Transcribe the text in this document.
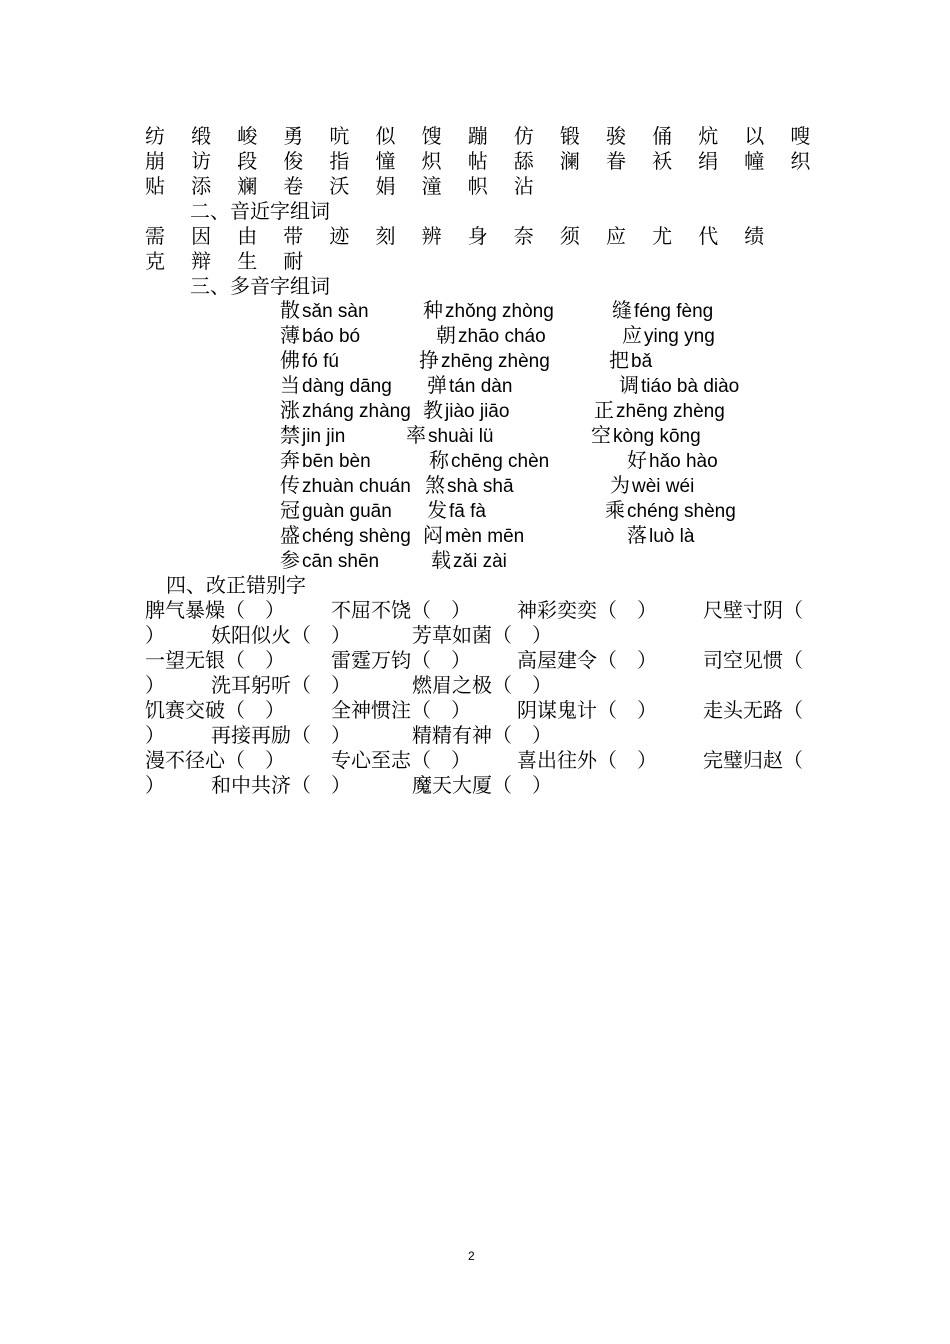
纺 缎 峻 勇 吭 似 馊 蹦 仿 锻 骏 俑 炕 以 嗖
崩 访 段 俊 指 憧 炽 帖 舔 澜 眷 袄 绢 幢 织
贴 添 斓 卷 沃 娟 潼 帜 沾
二、音近字组词
需 因 由 带 迹 刻 辨 身 奈 须 应 尤 代 绩
克 辩 生 耐
三、多音字组词
散 sǎn sàn	种 zhǒng zhòng	缝 féng fèng
薄 báo bó	朝 zhāo cháo	应 ying yng
佛 fó fú	挣 zhēng zhèng	把 bǎ
当 dàng dāng 弹 tán dàn	调 tiáo bà diào
涨 zháng zhàng 教 jiào jiāo	正 zhēng zhèng
禁 jin jin	率 shuài lü	空 kòng kōng
奔 bēn bèn	称 chēng chèn	好 hǎo hào
传 zhuàn chuán 煞 shà shā	为 wèi wéi
冠 guàn guān 发 fā fà	乘 chéng shèng
盛 chéng shèng 闷 mèn mēn	落 luò là
参 cān shēn	载 zǎi zài
四、改正错别字
脾气暴燥（　） 不屈不饶（　） 神彩奕奕（　） 尺壁寸阴（
） 妖阳似火（　）	芳草如菌（　）
一望无银（　） 雷霆万钧（　） 高屋建令（　） 司空见惯（
） 洗耳躬听（　）	燃眉之极（　）
饥赛交破（　） 全神惯注（　） 阴谋鬼计（　） 走头无路（
） 再接再励（　）	精精有神（　）
漫不径心（　） 专心至志（　） 喜出往外（　） 完璧归赵（
） 和中共济（　）	魔天大厦（　）
2
